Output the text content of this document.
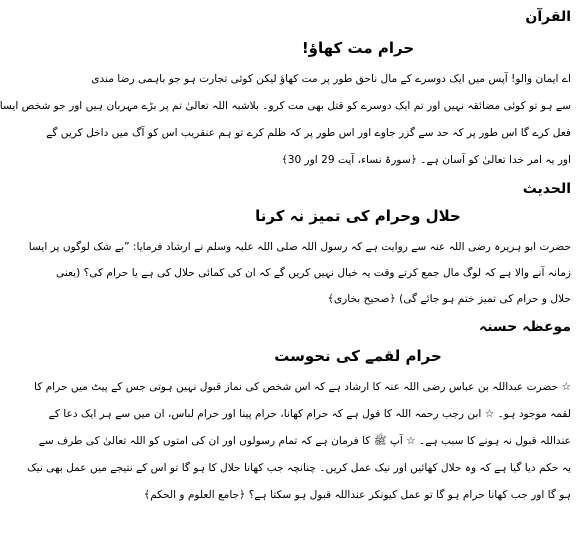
القرآن
حرام مت کھاؤ!
اے ایمان والو! آپس میں ایک دوسرے کے مال ناحق طور پر مت کھاؤ لیکن کوئی تجارت ہو جو باہمی رضا مندی
سے ہو تو کوئی مضائقہ نہیں اور تم ایک دوسرے کو قتل بھی مت کرو۔ بلاشبہ اللہ تعالیٰ تم پر بڑے مہربان ہیں اور جو شخص ایسا
فعل کرے گا اس طور پر کہ حد سے گزر جاوے اور اس طور پر کہ ظلم کرے تو ہم عنقریب اس کو آگ میں داخل کریں گے
اور یہ امر خدا تعالیٰ کو آسان ہے۔ ﴿سورۃ نساء، آیت 29 اور 30﴾
الحدیث
حلال وحرام کی تمیز نہ کرنا
حضرت ابو ہریرہ رضی اللہ عنہ سے روایت ہے کہ رسول اللہ صلی اللہ علیہ وسلم نے ارشاد فرمایا: ”بے شک لوگوں پر ایسا
زمانہ آنے والا ہے کہ لوگ مال جمع کرتے وقت یہ خیال نہیں کریں گے کہ ان کی کمائی حلال کی ہے یا حرام کی؟ (یعنی
حلال و حرام کی تمیز ختم ہو جائے گی) ﴿صحیح بخاری﴾
موعظہ حسنہ
حرام لقمے کی نحوست
☆ حضرت عبداللہ بن عباس رضی اللہ عنہ کا ارشاد ہے کہ اس شخص کی نماز قبول نہیں ہوتی جس کے پیٹ میں حرام کا
لقمہ موجود ہو۔ ☆ ابن رجب رحمہ اللہ کا قول ہے کہ حرام کھانا، حرام پینا اور حرام لباس، ان میں سے ہر ایک دعا کے
عنداللہ قبول نہ ہونے کا سبب ہے۔ ☆ آپ ﷺ کا فرمان ہے کہ تمام رسولوں اور ان کی امتوں کو اللہ تعالیٰ کی طرف سے
یہ حکم دیا گیا ہے کہ وہ حلال کھائیں اور نیک عمل کریں۔ چنانچہ جب کھانا حلال کا ہو گا تو اس کے نتیجے میں عمل بھی نیک
ہو گا اور جب کھانا حرام ہو گا تو عمل کیونکر عنداللہ قبول ہو سکتا ہے؟ ﴿جامع العلوم و الحکم﴾
